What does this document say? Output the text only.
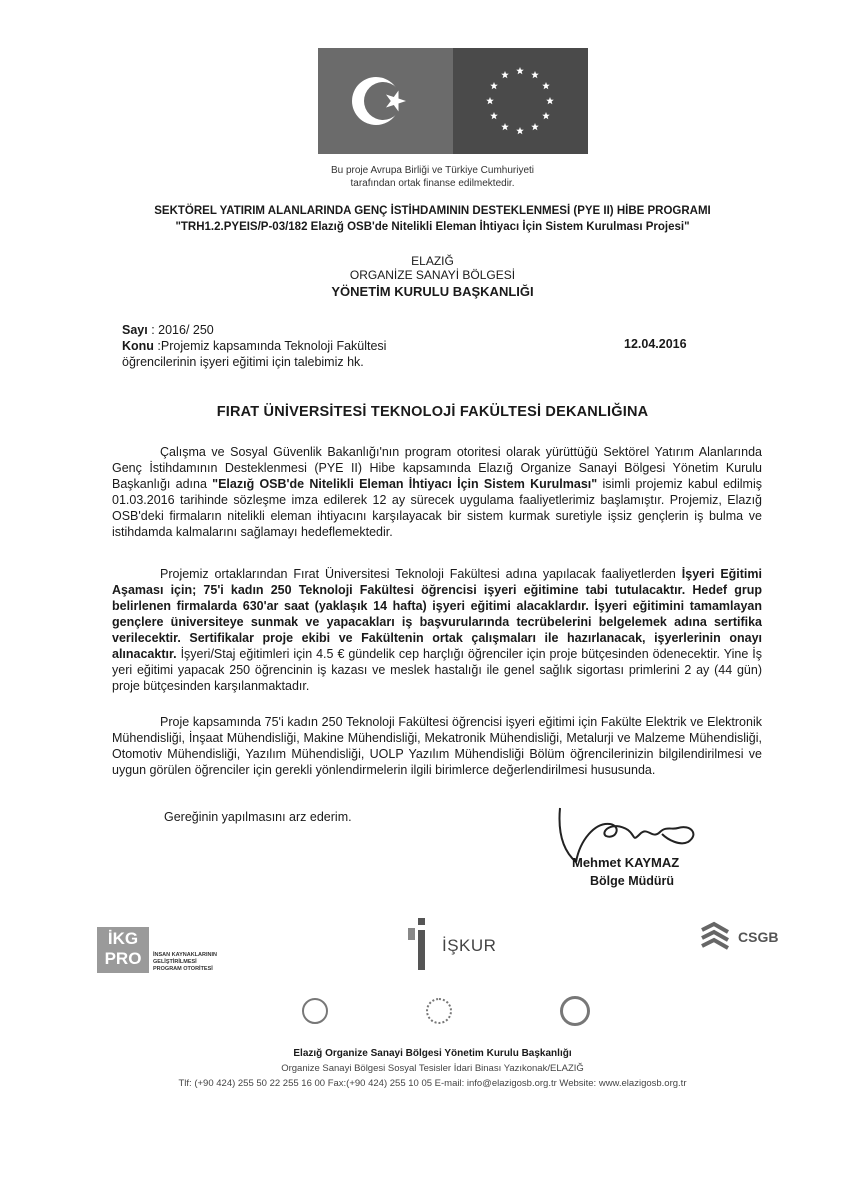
Bu proje Avrupa Birliği ve Türkiye Cumhuriyeti
tarafından ortak finanse edilmektedir.
SEKTÖREL YATIRIM ALANLARINDA GENÇ İSTİHDAMININ DESTEKLENMESİ (PYE II) HİBE PROGRAMI
"TRH1.2.PYEIS/P-03/182 Elazığ OSB'de Nitelikli Eleman İhtiyacı İçin Sistem Kurulması Projesi"
ELAZIĞ
ORGANİZE SANAYİ BÖLGESİ
YÖNETİM KURULU BAŞKANLIĞI
Sayı : 2016/ 250
Konu :Projemiz kapsamında Teknoloji Fakültesi
öğrencilerinin işyeri eğitimi için talebimiz hk.
12.04.2016
FIRAT ÜNİVERSİTESİ TEKNOLOJİ FAKÜLTESİ DEKANLIĞINA
Çalışma ve Sosyal Güvenlik Bakanlığı'nın program otoritesi olarak yürüttüğü Sektörel Yatırım Alanlarında Genç İstihdamının Desteklenmesi (PYE II) Hibe kapsamında Elazığ Organize Sanayi Bölgesi Yönetim Kurulu Başkanlığı adına "Elazığ OSB'de Nitelikli Eleman İhtiyacı İçin Sistem Kurulması" isimli projemiz kabul edilmiş 01.03.2016 tarihinde sözleşme imza edilerek 12 ay sürecek uygulama faaliyetlerimiz başlamıştır. Projemiz, Elazığ OSB'deki firmaların nitelikli eleman ihtiyacını karşılayacak bir sistem kurmak suretiyle işsiz gençlerin iş bulma ve istihdamda kalmalarını sağlamayı hedeflemektedir.
Projemiz ortaklarından Fırat Üniversitesi Teknoloji Fakültesi adına yapılacak faaliyetlerden İşyeri Eğitimi Aşaması için; 75'i kadın 250 Teknoloji Fakültesi öğrencisi işyeri eğitimine tabi tutulacaktır. Hedef grup belirlenen firmalarda 630'ar saat (yaklaşık 14 hafta) işyeri eğitimi alacaklardır. İşyeri eğitimini tamamlayan gençlere üniversiteye sunmak ve yapacakları iş başvurularında tecrübelerini belgelemek adına sertifika verilecektir. Sertifikalar proje ekibi ve Fakültenin ortak çalışmaları ile hazırlanacak, işyerlerinin onayı alınacaktır. İşyeri/Staj eğitimleri için 4.5 € gündelik cep harçlığı öğrenciler için proje bütçesinden ödenecektir. Yine İş yeri eğitimi yapacak 250 öğrencinin iş kazası ve meslek hastalığı ile genel sağlık sigortası primlerini 2 ay (44 gün) proje bütçesinden karşılanmaktadır.
Proje kapsamında 75'i kadın 250 Teknoloji Fakültesi öğrencisi işyeri eğitimi için Fakülte Elektrik ve Elektronik Mühendisliği, İnşaat Mühendisliği, Makine Mühendisliği, Mekatronik Mühendisliği, Metalurji ve Malzeme Mühendisliği, Otomotiv Mühendisliği, Yazılım Mühendisliği, UOLP Yazılım Mühendisliği Bölüm öğrencilerinizin bilgilendirilmesi ve uygun görülen öğrenciler için gerekli yönlendirmelerin ilgili birimlerce değerlendirilmesi hususunda.
Gereğinin yapılmasını arz ederim.
Mehmet KAYMAZ
Bölge Müdürü
İKG
PRO	İNSAN KAYNAKLARININ
GELİŞTİRİLMESİ
PROGRAM OTORİTESİ
İŞKUR	CSGB
Elazığ Organize Sanayi Bölgesi Yönetim Kurulu Başkanlığı
Organize Sanayi Bölgesi Sosyal Tesisler İdari Binası Yazıkonak/ELAZIĞ
Tlf: (+90 424) 255 50 22 255 16 00 Fax:(+90 424) 255 10 05 E-mail: info@elazigosb.org.tr Website: www.elazigosb.org.tr
